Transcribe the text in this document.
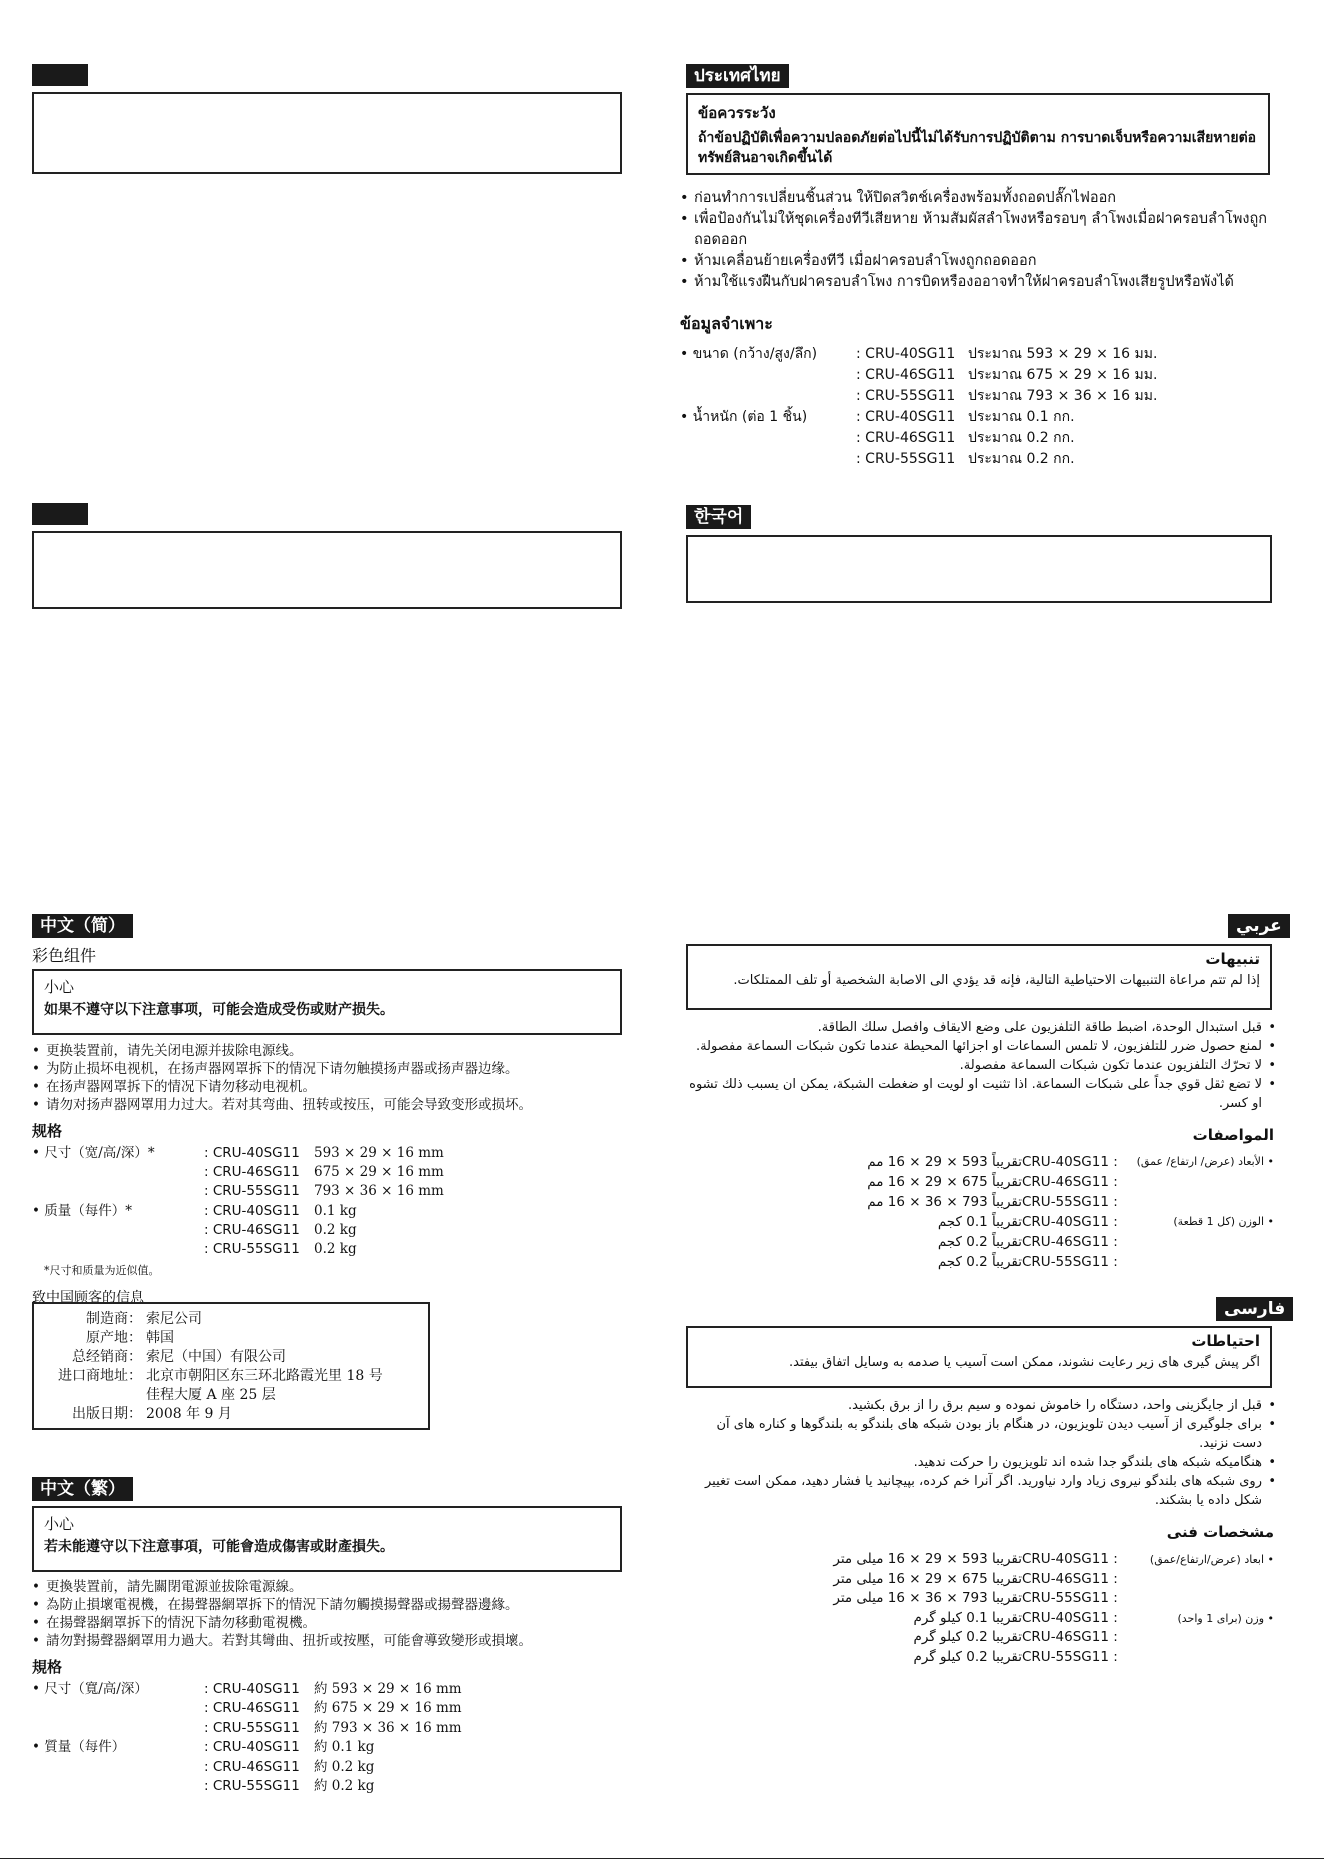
ประเทศไทย
ข้อควรระวัง
ถ้าข้อปฏิบัติเพื่อความปลอดภัยต่อไปนี้ไม่ได้รับการปฏิบัติตาม การบาดเจ็บหรือความเสียหายต่อทรัพย์สินอาจเกิดขึ้นได้
• ก่อนทำการเปลี่ยนชิ้นส่วน ให้ปิดสวิตช์เครื่องพร้อมทั้งถอดปลั๊กไฟออก
• เพื่อป้องกันไม่ให้ชุดเครื่องทีวีเสียหาย ห้ามสัมผัสลำโพงหรือรอบๆ ลำโพงเมื่อฝาครอบลำโพงถูกถอดออก
• ห้ามเคลื่อนย้ายเครื่องทีวี เมื่อฝาครอบลำโพงถูกถอดออก
• ห้ามใช้แรงฝืนกับฝาครอบลำโพง การบิดหรืองออาจทำให้ฝาครอบลำโพงเสียรูปหรือพังได้
ข้อมูลจำเพาะ
• ขนาด (กว้าง/สูง/ลึก)	: CRU-40SG11	ประมาณ 593 × 29 × 16 มม.
	: CRU-46SG11	ประมาณ 675 × 29 × 16 มม.
	: CRU-55SG11	ประมาณ 793 × 36 × 16 มม.
• น้ำหนัก (ต่อ 1 ชิ้น)	: CRU-40SG11	ประมาณ 0.1 กก.
	: CRU-46SG11	ประมาณ 0.2 กก.
	: CRU-55SG11	ประมาณ 0.2 กก.
한국어
中文（简）
彩色组件
小心
如果不遵守以下注意事项，可能会造成受伤或财产损失。
• 更换装置前，请先关闭电源并拔除电源线。
• 为防止损坏电视机，在扬声器网罩拆下的情况下请勿触摸扬声器或扬声器边缘。
• 在扬声器网罩拆下的情况下请勿移动电视机。
• 请勿对扬声器网罩用力过大。若对其弯曲、扭转或按压，可能会导致变形或损坏。
规格
• 尺寸（宽/高/深）*	: CRU-40SG11	593 × 29 × 16 mm
	: CRU-46SG11	675 × 29 × 16 mm
	: CRU-55SG11	793 × 36 × 16 mm
• 质量（每件）*	: CRU-40SG11	0.1 kg
	: CRU-46SG11	0.2 kg
	: CRU-55SG11	0.2 kg
*尺寸和质量为近似值。
致中国顾客的信息
制造商：	索尼公司
原产地：	韩国
总经销商：	索尼（中国）有限公司
进口商地址：	北京市朝阳区东三环北路霞光里 18 号
	佳程大厦 A 座 25 层
出版日期：	2008 年 9 月
中文（繁）
小心
若未能遵守以下注意事項，可能會造成傷害或財產損失。
• 更換裝置前，請先關閉電源並拔除電源線。
• 為防止損壞電視機，在揚聲器網罩拆下的情況下請勿觸摸揚聲器或揚聲器邊緣。
• 在揚聲器網罩拆下的情況下請勿移動電視機。
• 請勿對揚聲器網罩用力過大。若對其彎曲、扭折或按壓，可能會導致變形或損壞。
規格
• 尺寸（寬/高/深）	: CRU-40SG11	約 593 × 29 × 16 mm
	: CRU-46SG11	約 675 × 29 × 16 mm
	: CRU-55SG11	約 793 × 36 × 16 mm
• 質量（每件）	: CRU-40SG11	約 0.1 kg
	: CRU-46SG11	約 0.2 kg
	: CRU-55SG11	約 0.2 kg
عربي
تنبيهات
إذا لم تتم مراعاة التنبيهات الاحتياطية التالية، فإنه قد يؤدي الى الاصابة الشخصية أو تلف الممتلكات.
• قبل استبدال الوحدة، اضبط طاقة التلفزيون على وضع الايقاف وافصل سلك الطاقة.
• لمنع حصول ضرر للتلفزيون، لا تلمس السماعات او اجزائها المحيطة عندما تكون شبكات السماعة مفصولة.
• لا تحرّك التلفزيون عندما تكون شبكات السماعة مفصولة.
• لا تضع ثقل قوي جداً على شبكات السماعة. اذا تثنيت او لويت او ضغطت الشبكة، يمكن ان يسبب ذلك تشوه او كسر.
المواصفات
• الأبعاد (عرض/ ارتفاع/ عمق)	CRU-40SG11 :	تقريباً 593 × 29 × 16 مم
	CRU-46SG11 :	تقريباً 675 × 29 × 16 مم
	CRU-55SG11 :	تقريباً 793 × 36 × 16 مم
• الوزن (كل 1 قطعة)	CRU-40SG11 :	تقريباً 0.1 كجم
	CRU-46SG11 :	تقريباً 0.2 كجم
	CRU-55SG11 :	تقريباً 0.2 كجم
فارسی
احتیاطات
اگر پیش گیری های زیر رعایت نشوند، ممکن است آسیب یا صدمه به وسایل اتفاق بیفتد.
• قبل از جایگزینی واحد، دستگاه را خاموش نموده و سیم برق را از برق بکشید.
• برای جلوگیری از آسیب دیدن تلویزیون، در هنگام باز بودن شبکه های بلندگو به بلندگوها و کناره های آن دست نزنید.
• هنگامیکه شبکه های بلندگو جدا شده اند تلویزیون را حرکت ندهید.
• روی شبکه های بلندگو نیروی زیاد وارد نیاورید. اگر آنرا خم کرده، بپیچانید یا فشار دهید، ممکن است تغییر شکل داده یا بشکند.
مشخصات فنی
• ابعاد (عرض/ارتفاع/عمق)	CRU-40SG11 :	تقریبا 593 × 29 × 16 میلی متر
	CRU-46SG11 :	تقریبا 675 × 29 × 16 میلی متر
	CRU-55SG11 :	تقریبا 793 × 36 × 16 میلی متر
• وزن (برای 1 واحد)	CRU-40SG11 :	تقریبا 0.1 کیلو گرم
	CRU-46SG11 :	تقریبا 0.2 کیلو گرم
	CRU-55SG11 :	تقریبا 0.2 کیلو گرم
